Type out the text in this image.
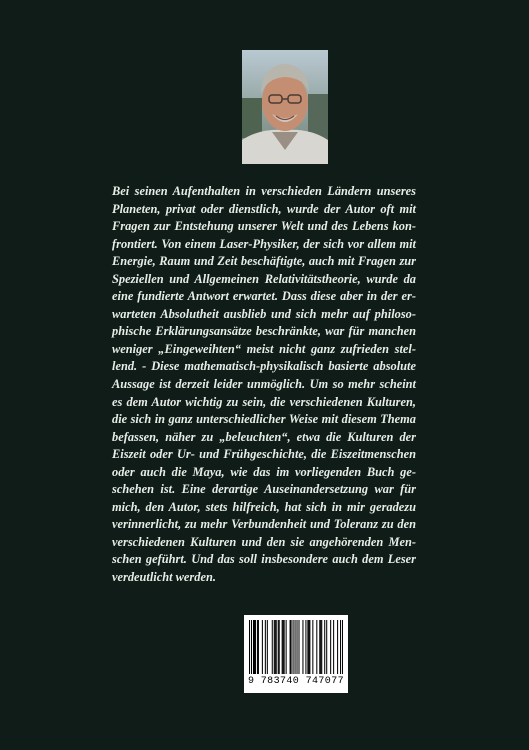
Bei seinen Aufenthalten in verschieden Ländern unseres Planeten, privat oder dienstlich, wurde der Autor oft mit Fragen zur Entstehung unserer Welt und des Lebens konfrontiert. Von einem Laser-Physiker, der sich vor allem mit Energie, Raum und Zeit beschäftigte, auch mit Fragen zur Speziellen und Allgemeinen Relativitätstheorie, wurde da eine fundierte Antwort erwartet. Dass diese aber in der erwarteten Absolutheit ausblieb und sich mehr auf philosophische Erklärungsansätze beschränkte, war für manchen weniger „Eingeweihten“ meist nicht ganz zufrieden stellend. - Diese mathematisch-physikalisch basierte absolute Aussage ist derzeit leider unmöglich. Um so mehr scheint es dem Autor wichtig zu sein, die verschiedenen Kulturen, die sich in ganz unterschiedlicher Weise mit diesem Thema befassen, näher zu „beleuchten“, etwa die Kulturen der Eiszeit oder Ur- und Frühgeschichte, die Eiszeitmenschen oder auch die Maya, wie das im vorliegenden Buch geschehen ist. Eine derartige Auseinandersetzung war für mich, den Autor, stets hilfreich, hat sich in mir geradezu verinnerlicht, zu mehr Verbundenheit und Toleranz zu den verschiedenen Kulturen und den sie angehörenden Menschen geführt. Und das soll insbesondere auch dem Leser verdeutlicht werden.

9 783740 747077
